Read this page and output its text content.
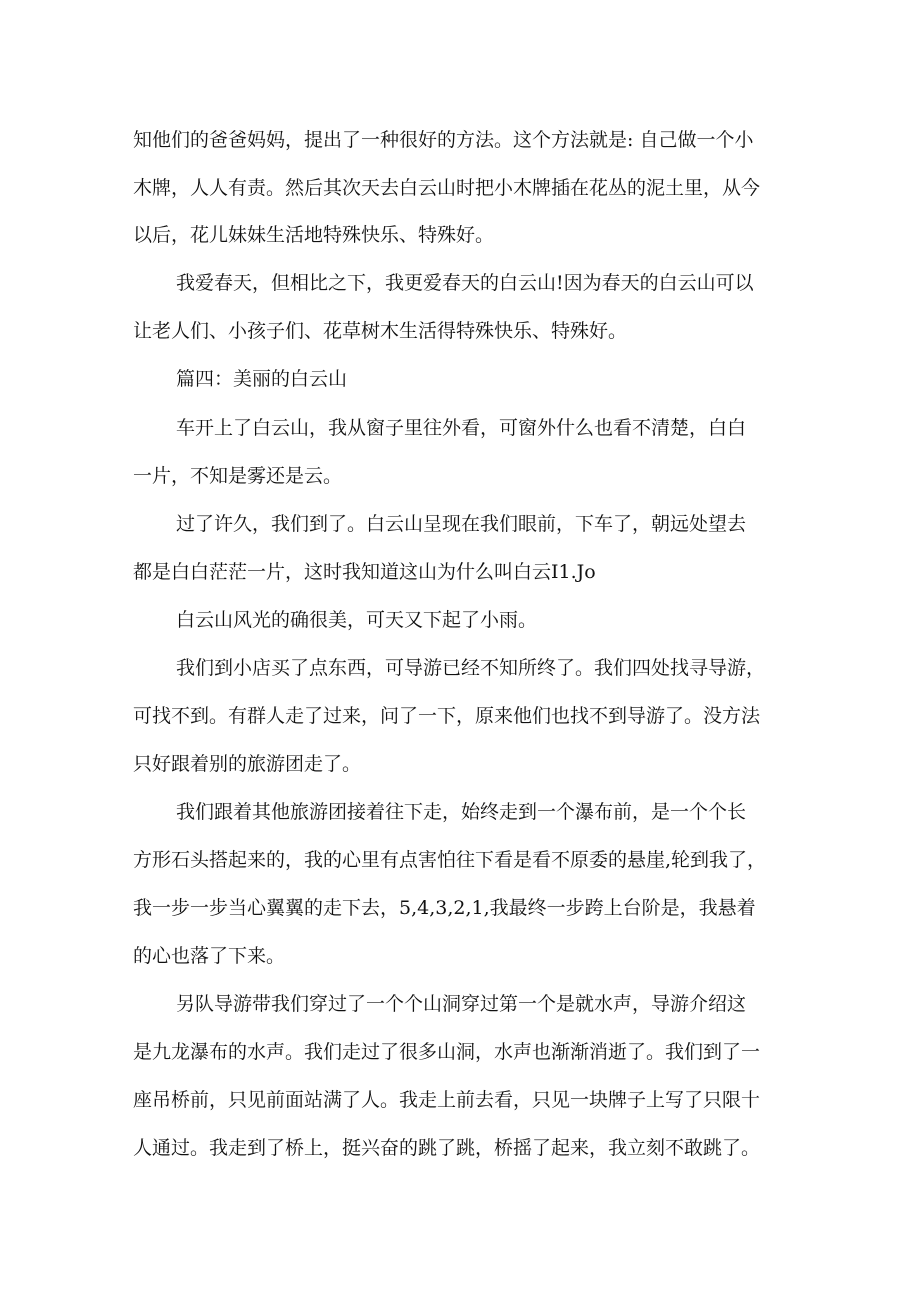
知他们的爸爸妈妈，提出了一种很好的方法。这个方法就是: 自己做一个小
木牌，人人有责。然后其次天去白云山时把小木牌插在花丛的泥土里，从今
以后，花儿妹妹生活地特殊快乐、特殊好。
我爱春天，但相比之下，我更爱春天的白云山!因为春天的白云山可以
让老人们、小孩子们、花草树木生活得特殊快乐、特殊好。
篇四：美丽的白云山
车开上了白云山，我从窗子里往外看，可窗外什么也看不清楚，白白
一片，不知是雾还是云。
过了许久，我们到了。白云山呈现在我们眼前，下车了，朝远处望去
都是白白茫茫一片，这时我知道这山为什么叫白云I1.Jo
白云山风光的确很美，可天又下起了小雨。
我们到小店买了点东西，可导游已经不知所终了。我们四处找寻导游，
可找不到。有群人走了过来，问了一下，原来他们也找不到导游了。没方法
只好跟着别的旅游团走了。
我们跟着其他旅游团接着往下走，始终走到一个瀑布前，是一个个长
方形石头搭起来的，我的心里有点害怕往下看是看不原委的悬崖,轮到我了，
我一步一步当心翼翼的走下去，5,4,3,2,1,我最终一步跨上台阶是，我悬着
的心也落了下来。
另队导游带我们穿过了一个个山洞穿过第一个是就水声，导游介绍这
是九龙瀑布的水声。我们走过了很多山洞，水声也渐渐消逝了。我们到了一
座吊桥前，只见前面站满了人。我走上前去看，只见一块牌子上写了只限十
人通过。我走到了桥上，挺兴奋的跳了跳，桥摇了起来，我立刻不敢跳了。
